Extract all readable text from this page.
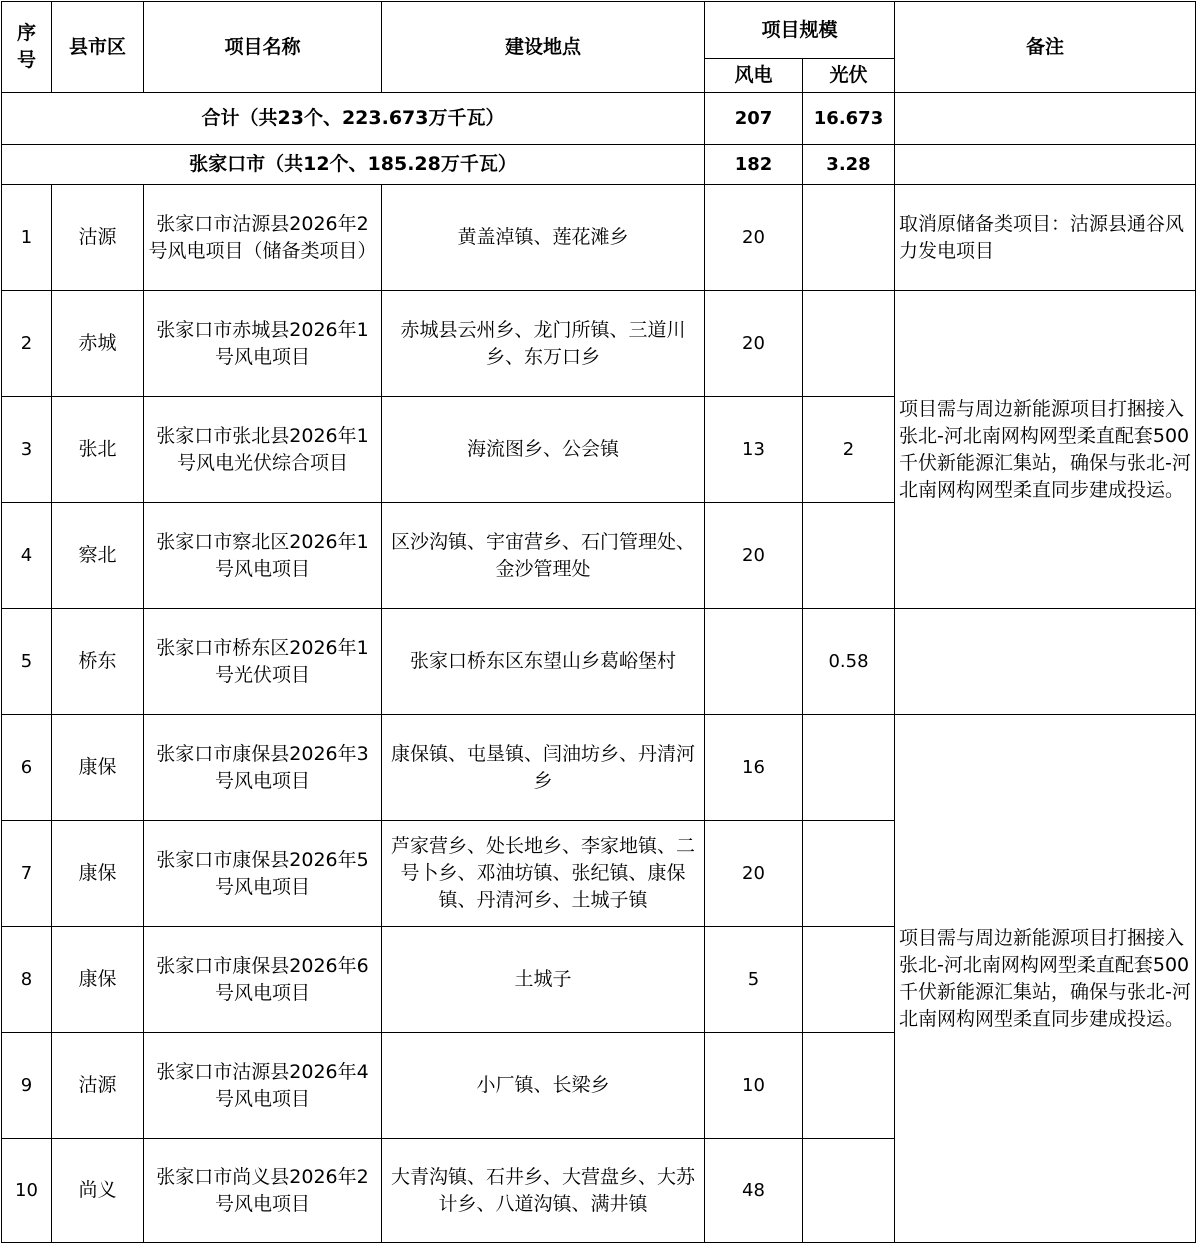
序号	县市区	项目名称	建设地点	项目规模		备注
				风电	光伏	
合计（共23个、223.673万千瓦）				207	16.673	
张家口市（共12个、185.28万千瓦）				182	3.28	
1	沽源	张家口市沽源县2026年2号风电项目（储备类项目）	黄盖淖镇、莲花滩乡	20		取消原储备类项目：沽源县通谷风力发电项目
2	赤城	张家口市赤城县2026年1号风电项目	赤城县云州乡、龙门所镇、三道川乡、东万口乡	20		项目需与周边新能源项目打捆接入张北-河北南网构网型柔直配套500千伏新能源汇集站，确保与张北-河北南网构网型柔直同步建成投运。
3	张北	张家口市张北县2026年1号风电光伏综合项目	海流图乡、公会镇	13	2	
4	察北	张家口市察北区2026年1号风电项目	区沙沟镇、宇宙营乡、石门管理处、金沙管理处	20		
5	桥东	张家口市桥东区2026年1号光伏项目	张家口桥东区东望山乡葛峪堡村		0.58	
6	康保	张家口市康保县2026年3号风电项目	康保镇、屯垦镇、闫油坊乡、丹清河乡	16		项目需与周边新能源项目打捆接入张北-河北南网构网型柔直配套500千伏新能源汇集站，确保与张北-河北南网构网型柔直同步建成投运。
7	康保	张家口市康保县2026年5号风电项目	芦家营乡、处长地乡、李家地镇、二号卜乡、邓油坊镇、张纪镇、康保镇、丹清河乡、土城子镇	20		
8	康保	张家口市康保县2026年6号风电项目	土城子	5		
9	沽源	张家口市沽源县2026年4号风电项目	小厂镇、长梁乡	10		
10	尚义	张家口市尚义县2026年2号风电项目	大青沟镇、石井乡、大营盘乡、大苏计乡、八道沟镇、满井镇	48		
